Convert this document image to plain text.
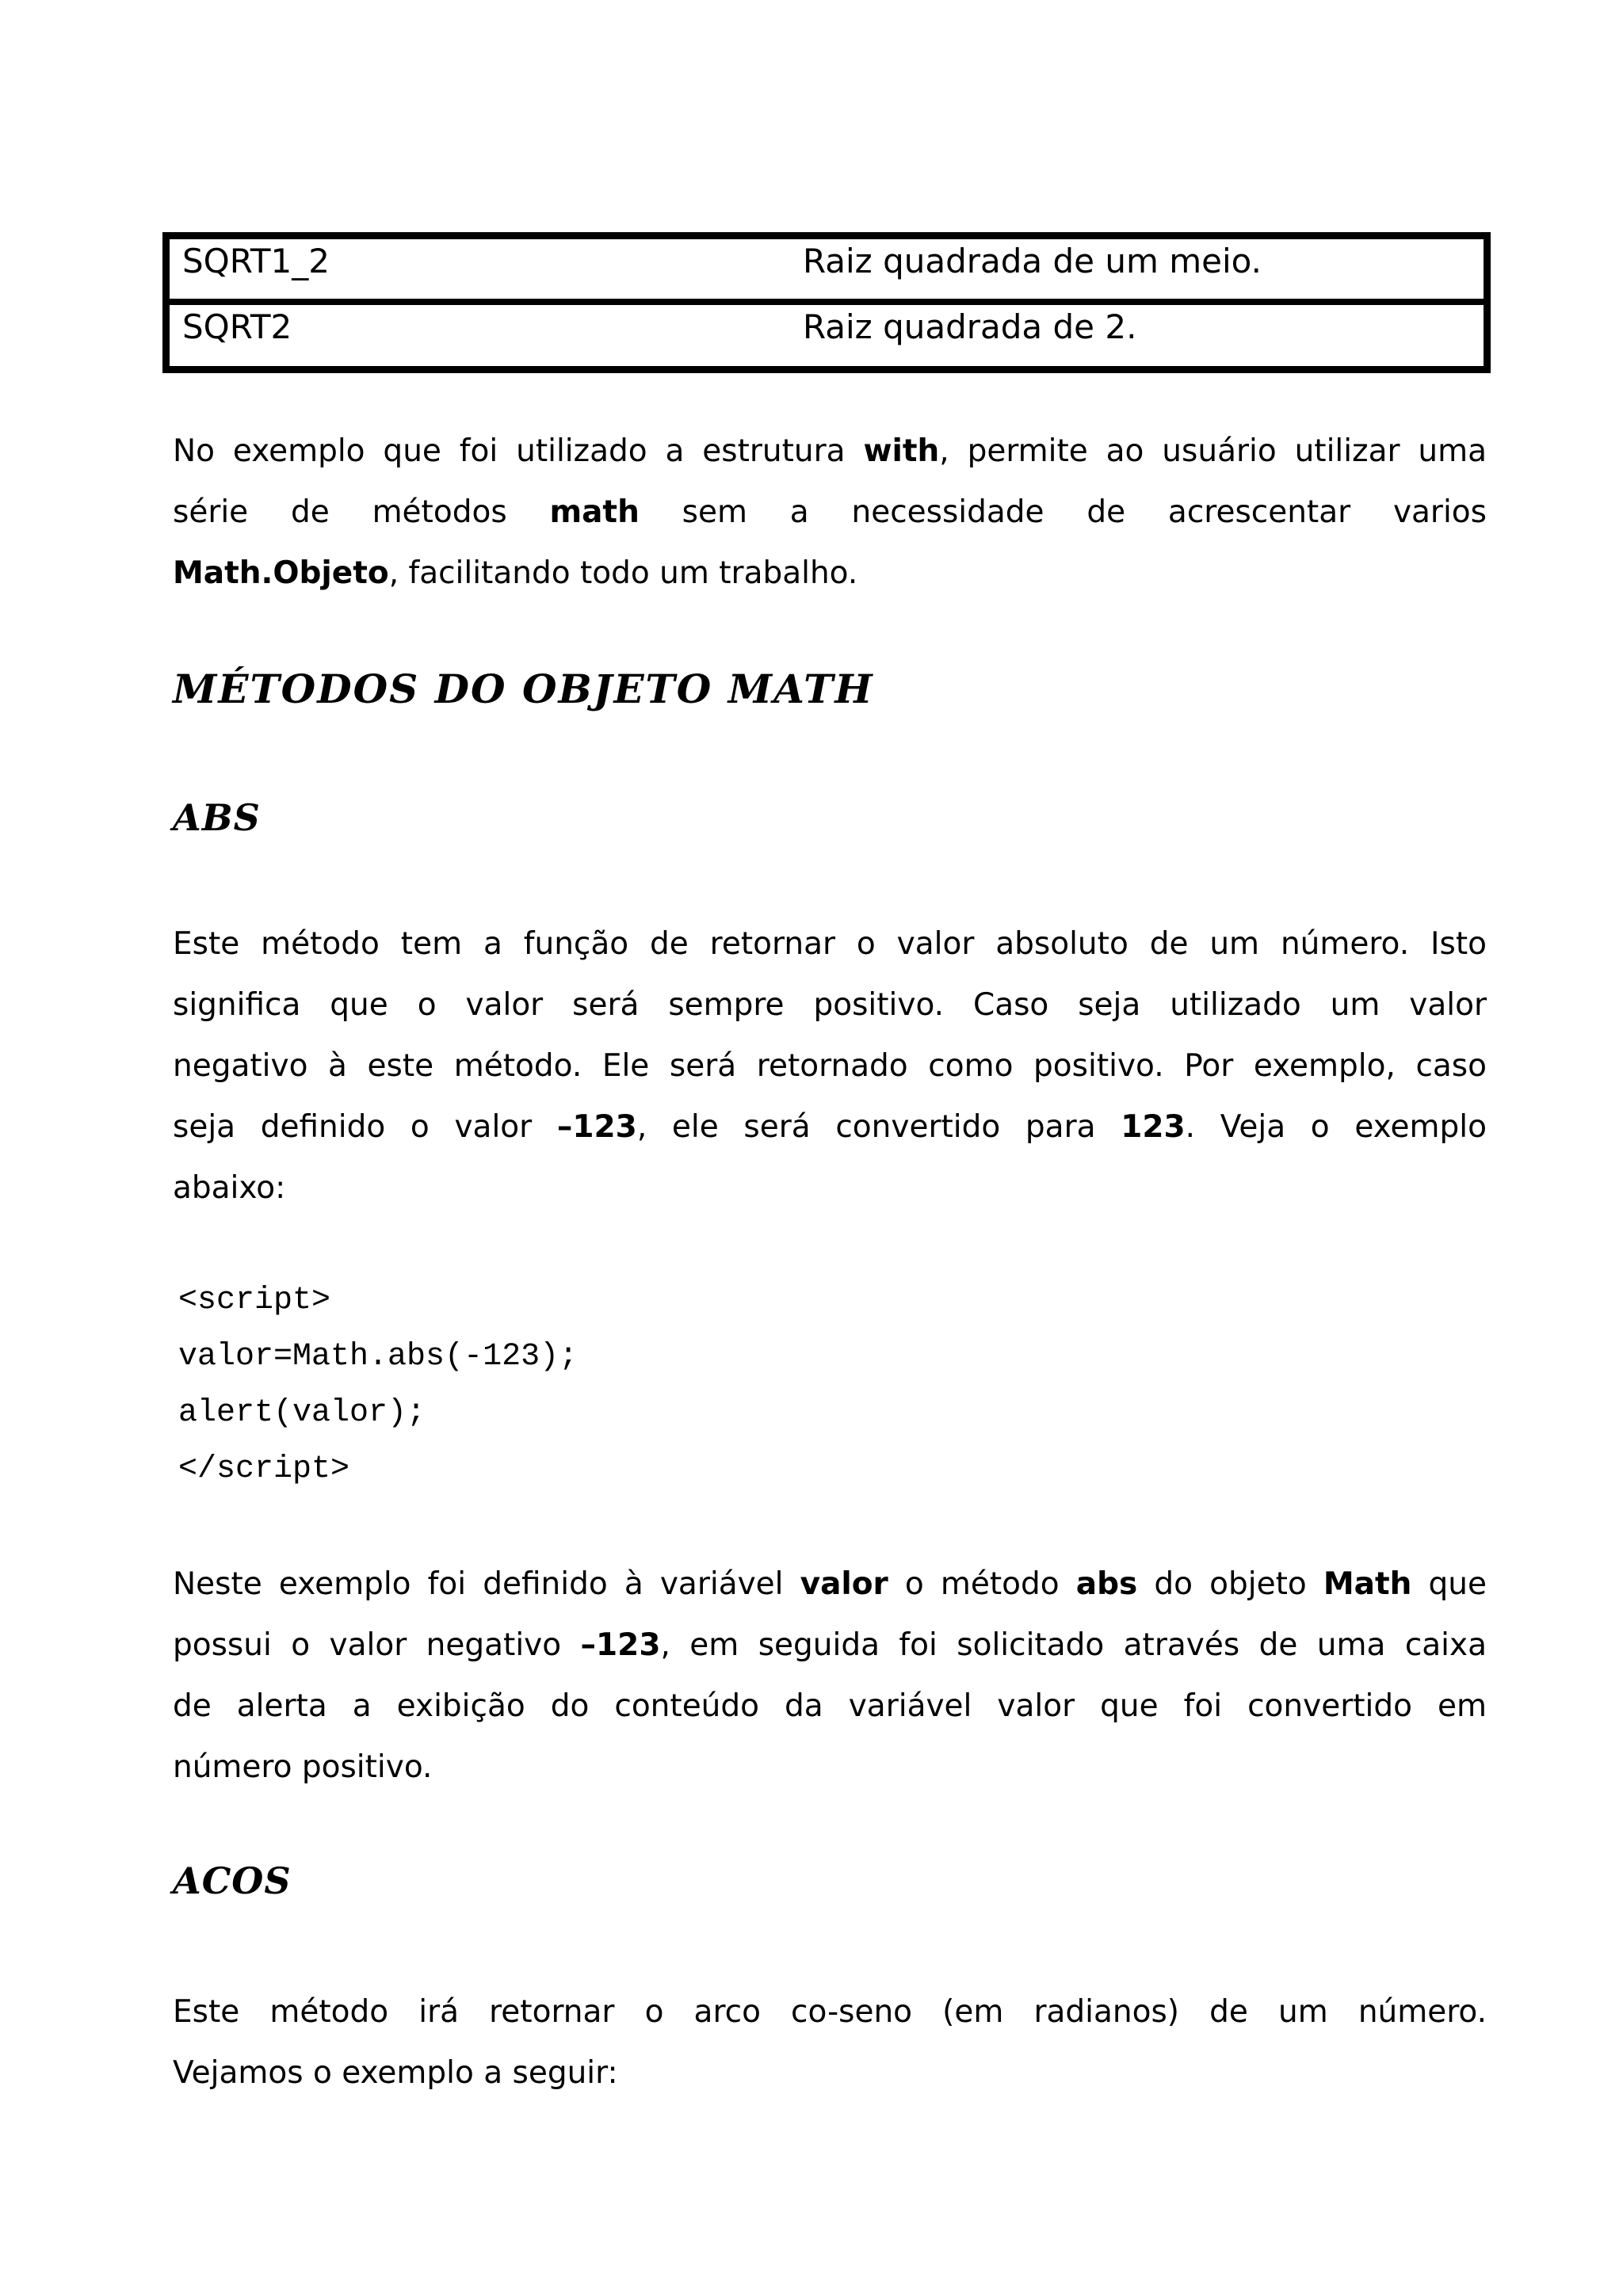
SQRT1_2	Raiz quadrada de um meio.
SQRT2	Raiz quadrada de 2.
No exemplo que foi utilizado a estrutura with, permite ao usuário utilizar uma
série de métodos math sem a necessidade de acrescentar varios
Math.Objeto, facilitando todo um trabalho.
MÉTODOS DO OBJETO MATH
ABS
Este método tem a função de retornar o valor absoluto de um número. Isto
significa que o valor será sempre positivo. Caso seja utilizado um valor
negativo à este método. Ele será retornado como positivo. Por exemplo, caso
seja definido o valor –123, ele será convertido para 123. Veja o exemplo
abaixo:
<script>
valor=Math.abs(-123);
alert(valor);
</script>
Neste exemplo foi definido à variável valor o método abs do objeto Math que
possui o valor negativo –123, em seguida foi solicitado através de uma caixa
de alerta a exibição do conteúdo da variável valor que foi convertido em
número positivo.
ACOS
Este método irá retornar o arco co-seno (em radianos) de um número.
Vejamos o exemplo a seguir:
